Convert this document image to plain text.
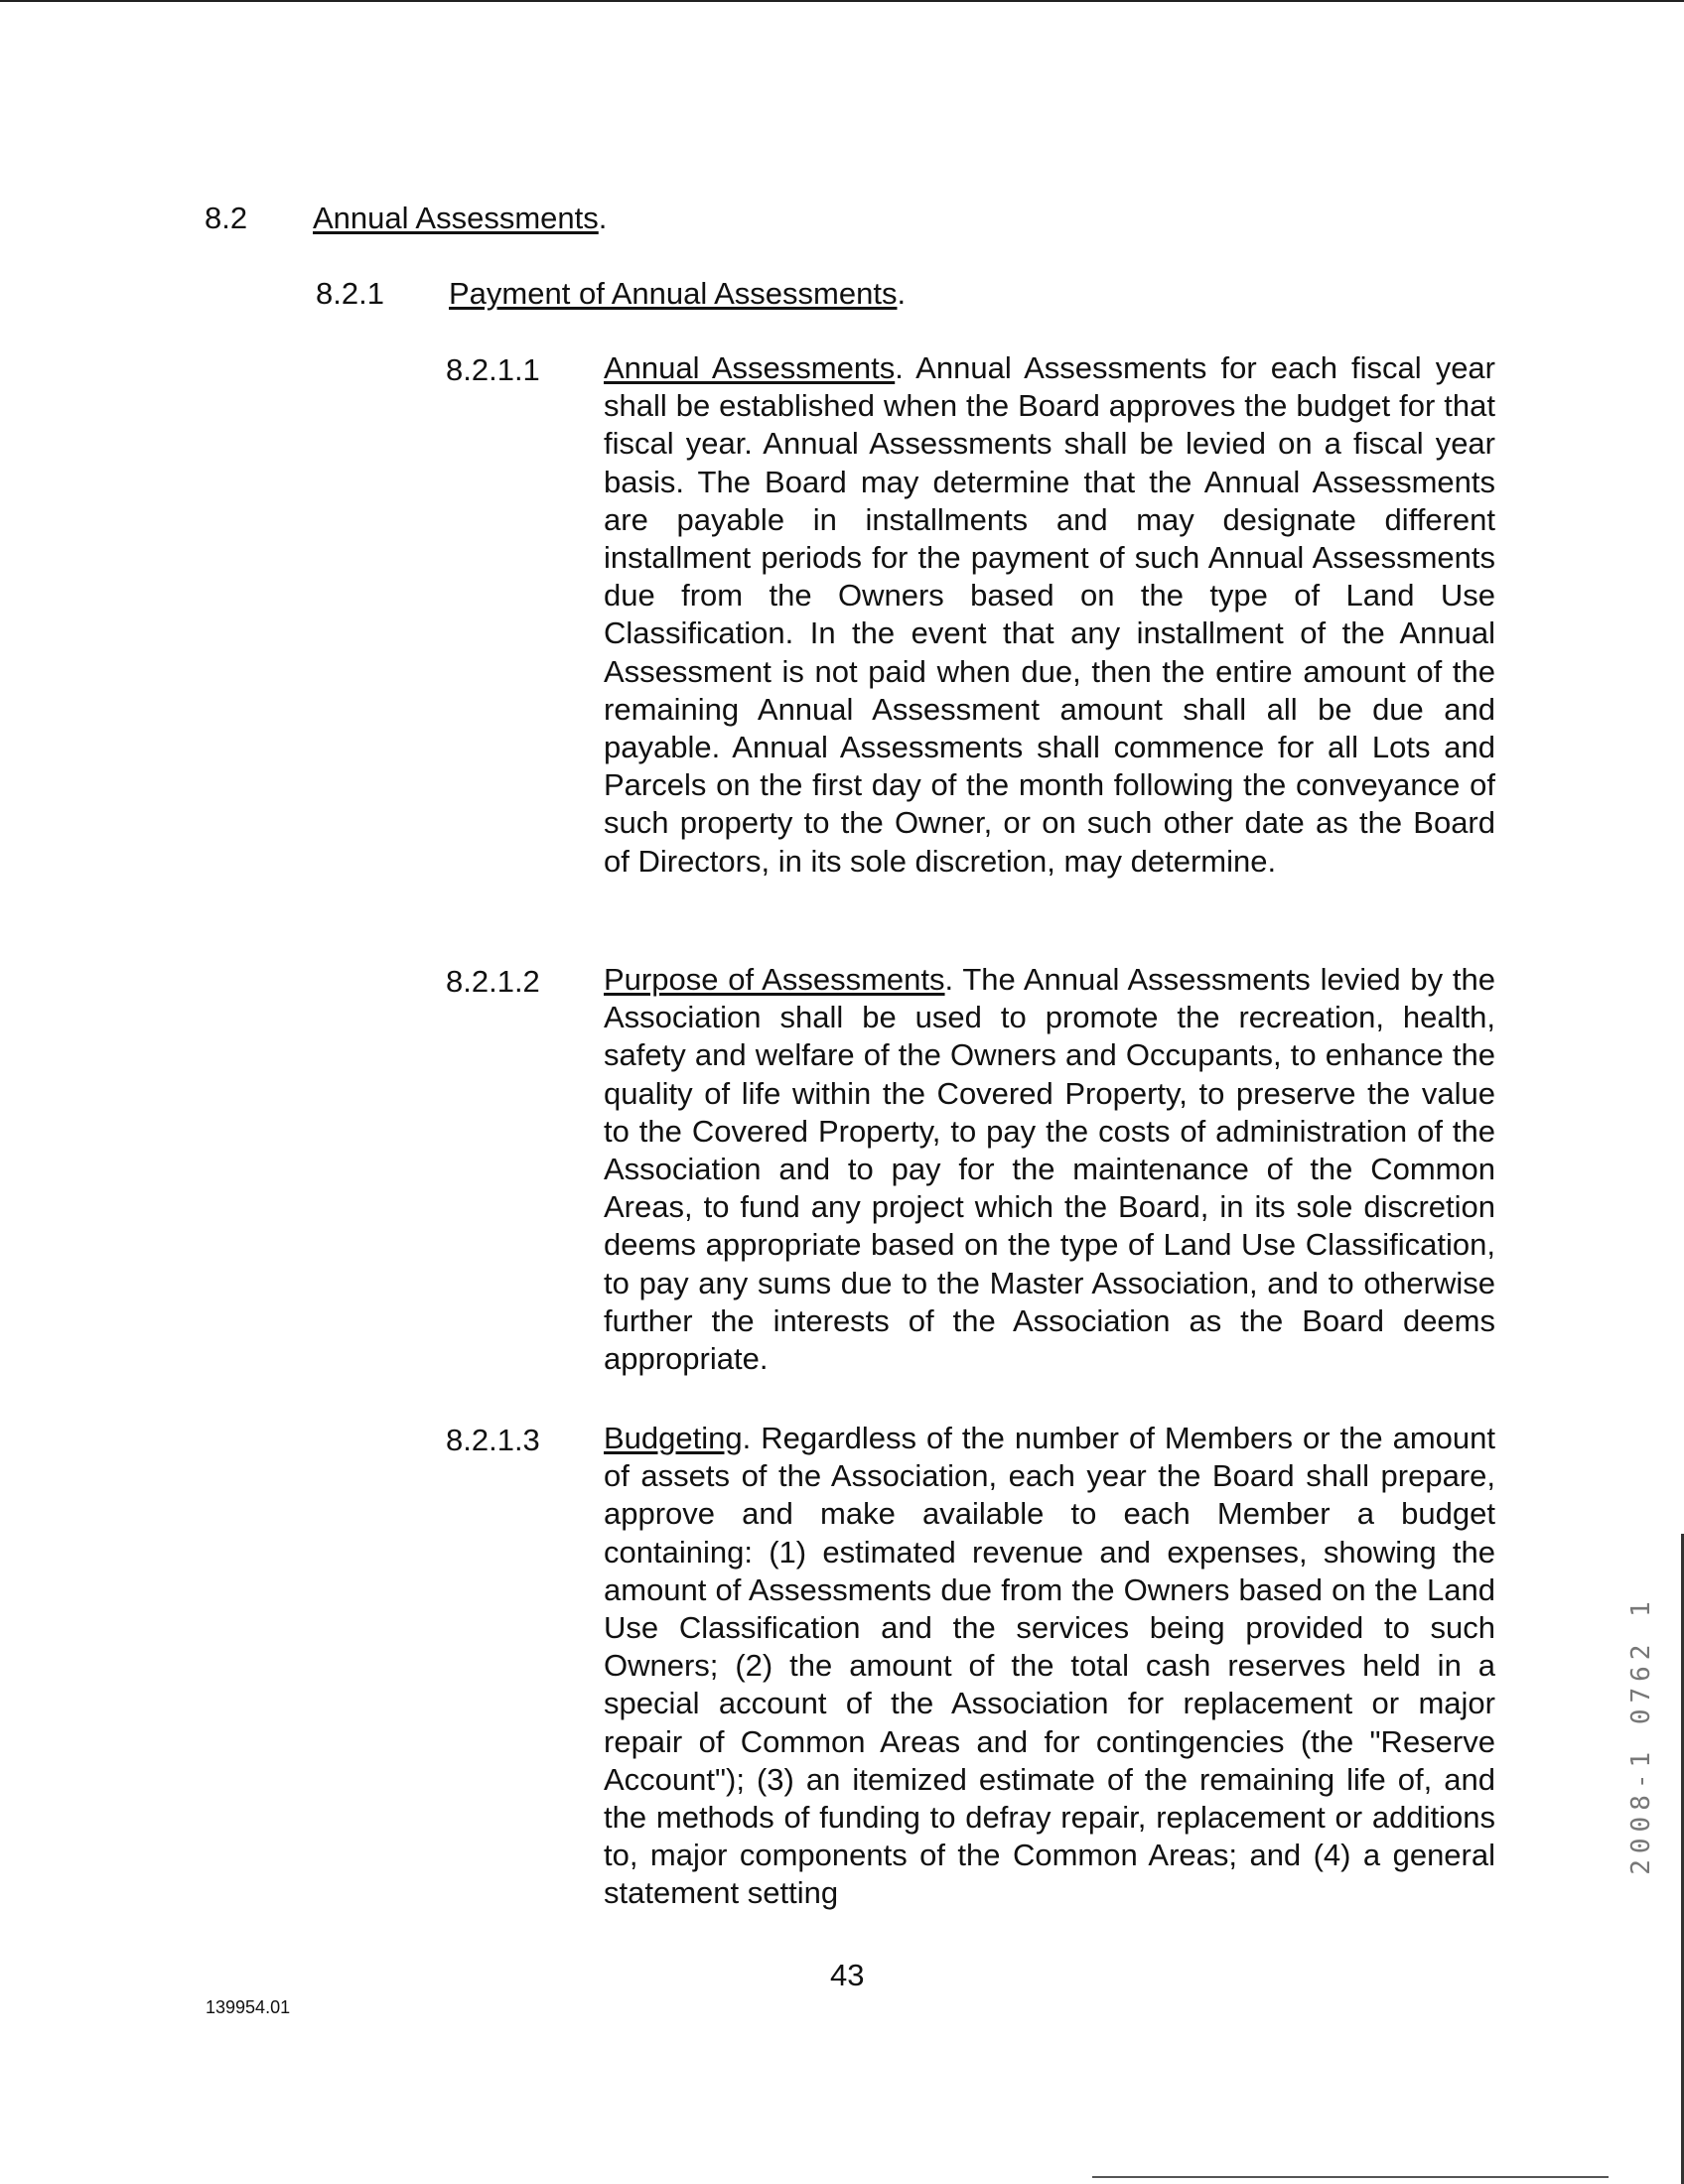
8.2 Annual Assessments.
8.2.1 Payment of Annual Assessments.
8.2.1.1 Annual Assessments. Annual Assessments for each fiscal year shall be established when the Board approves the budget for that fiscal year. Annual Assessments shall be levied on a fiscal year basis. The Board may determine that the Annual Assessments are payable in installments and may designate different installment periods for the payment of such Annual Assessments due from the Owners based on the type of Land Use Classification. In the event that any installment of the Annual Assessment is not paid when due, then the entire amount of the remaining Annual Assessment amount shall all be due and payable. Annual Assessments shall commence for all Lots and Parcels on the first day of the month following the conveyance of such property to the Owner, or on such other date as the Board of Directors, in its sole discretion, may determine.
8.2.1.2 Purpose of Assessments. The Annual Assessments levied by the Association shall be used to promote the recreation, health, safety and welfare of the Owners and Occupants, to enhance the quality of life within the Covered Property, to preserve the value to the Covered Property, to pay the costs of administration of the Association and to pay for the maintenance of the Common Areas, to fund any project which the Board, in its sole discretion deems appropriate based on the type of Land Use Classification, to pay any sums due to the Master Association, and to otherwise further the interests of the Association as the Board deems appropriate.
8.2.1.3 Budgeting. Regardless of the number of Members or the amount of assets of the Association, each year the Board shall prepare, approve and make available to each Member a budget containing: (1) estimated revenue and expenses, showing the amount of Assessments due from the Owners based on the Land Use Classification and the services being provided to such Owners; (2) the amount of the total cash reserves held in a special account of the Association for replacement or major repair of Common Areas and for contingencies (the "Reserve Account"); (3) an itemized estimate of the remaining life of, and the methods of funding to defray repair, replacement or additions to, major components of the Common Areas; and (4) a general statement setting
139954.01
43
2008-1 0762 1
